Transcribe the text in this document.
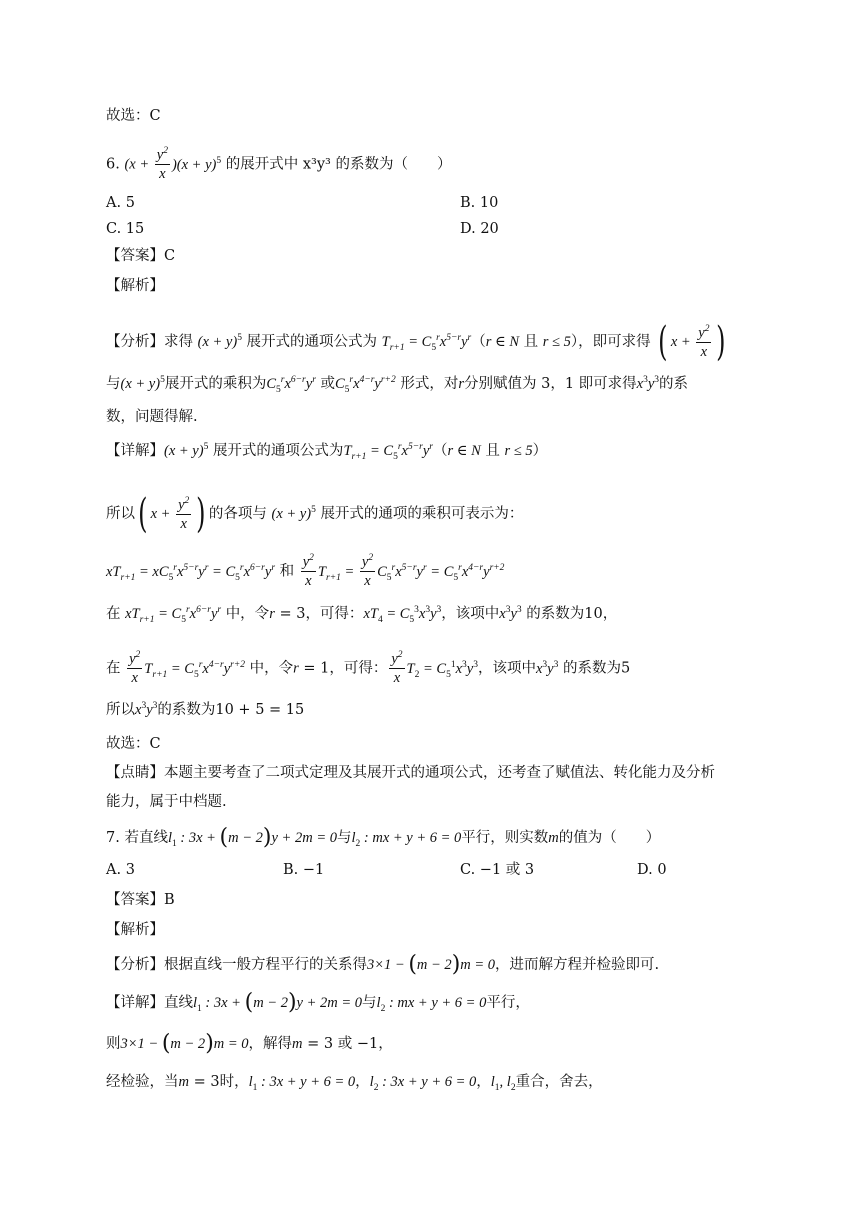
故选：C
6. $(x + \frac{y^2}{x} )(x + y)^5$ 的展开式中 x³y³ 的系数为（　　）
A. 5	B. 10
C. 15	D. 20
【答案】C
【解析】
【分析】求得 $(x + y)^5$ 展开式的通项公式为 $T_{r+1} = C_5^rx^{5-r}y^r(r$ ∈ N 且 r ≤ 5），即可求得 ( $x + \frac{y^2}{x}$ )
与$(x + y)^5$展开式的乘积为$C_5^rx^{6-r}y^r$ 或$C_5^rx^{4-r}y^{r+2}$ 形式，对r分别赋值为 3，1 即可求得$x^3y^3$的系
数，问题得解.
【详解】$(x + y)^5$ 展开式的通项公式为$T_{r+1} = C_5^rx^{5-r}y^r(r$ ∈ N 且 r ≤ 5）
所以( $x + \frac{y^2}{x}$ ) 的各项与 $(x + y)^5$ 展开式的通项的乘积可表示为：
$xT_{r+1} = xC_5^rx^{5-r}y^r = C_5^rx^{6-r}y^r$ 和 $\frac{y^2}{x} T_{r+1} = \frac{y^2}{x} C_5^rx^{5-r}y^r = C_5^rx^{4-r}y^{r+2}$
在 $xT_{r+1} = C_5^rx^{6-r}y^r$ 中，令r = 3，可得：$xT_4 = C_5^3x^3y^3$，该项中$x^3y^3$ 的系数为10，
在 $\frac{y^2}{x} T_{r+1} = C_5^rx^{4-r}y^{r+2}$ 中，令r = 1，可得： $\frac{y^2}{x} T_2 = C_5^1x^3y^3$，该项中$x^3y^3$ 的系数为5
所以$x^3y^3$的系数为10 + 5 = 15
故选：C
【点睛】本题主要考查了二项式定理及其展开式的通项公式，还考查了赋值法、转化能力及分析
能力，属于中档题.
7. 若直线$l_1$ : 3x + (m − 2)y + 2m = 0与$l_2$ : mx + y + 6 = 0平行，则实数m的值为（　　）
A. 3	B. −1	C. −1 或 3	D. 0
【答案】B
【解析】
【分析】根据直线一般方程平行的关系得3×1 − (m − 2)m = 0，进而解方程并检验即可.
【详解】直线$l_1$ : 3x + (m − 2)y + 2m = 0与$l_2$ : mx + y + 6 = 0平行，
则3×1 − (m − 2)m = 0，解得m = 3 或 −1，
经检验，当m = 3时，$l_1$ : 3x + y + 6 = 0，$l_2$ : 3x + y + 6 = 0，$l_1$, $l_2$重合，舍去，
